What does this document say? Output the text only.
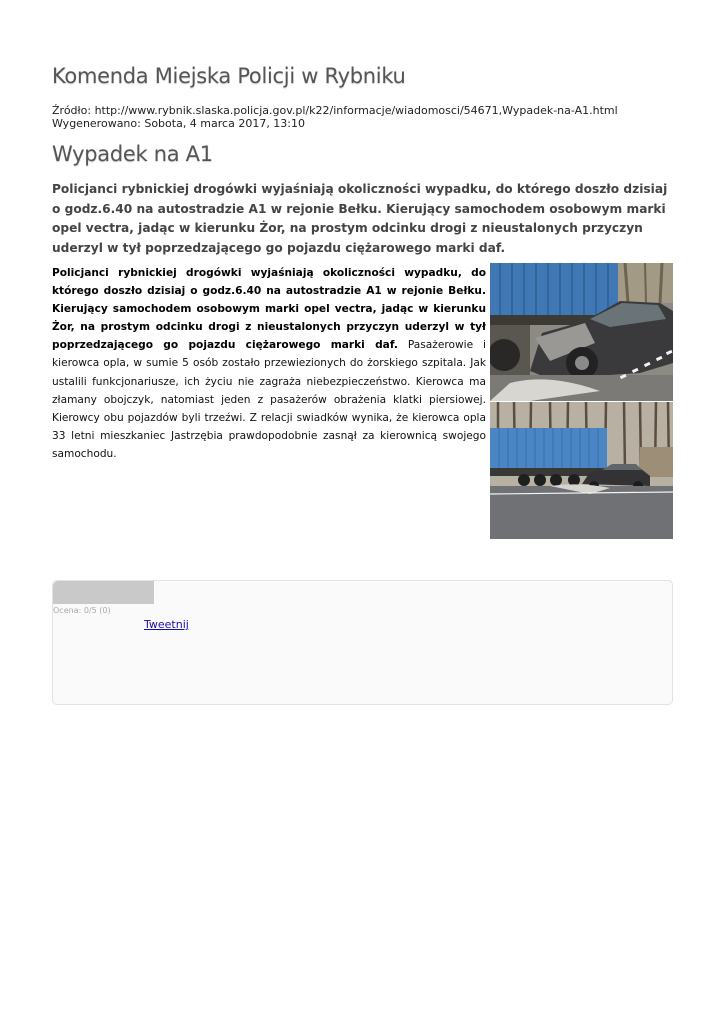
Komenda Miejska Policji w Rybniku
Źródło: http://www.rybnik.slaska.policja.gov.pl/k22/informacje/wiadomosci/54671,Wypadek-na-A1.html
Wygenerowano: Sobota, 4 marca 2017, 13:10
Wypadek na A1

Policjanci rybnickiej drogówki wyjaśniają okoliczności wypadku, do którego doszło dzisiaj o godz.6.40 na autostradzie A1 w rejonie Bełku. Kierujący samochodem osobowym marki opel vectra, jadąc w kierunku Żor, na prostym odcinku drogi z nieustalonych przyczyn uderzyl w tył poprzedzającego go pojazdu ciężarowego marki daf.

Policjanci rybnickiej drogówki wyjaśniają okoliczności wypadku, do którego doszło dzisiaj o godz.6.40 na autostradzie A1 w rejonie Bełku. Kierujący samochodem osobowym marki opel vectra, jadąc w kierunku Żor, na prostym odcinku drogi z nieustalonych przyczyn uderzyl w tył poprzedzającego go pojazdu ciężarowego marki daf. Pasażerowie i kierowca opla, w sumie 5 osób zostało przewiezionych do żorskiego szpitala. Jak ustalili funkcjonariusze, ich życiu nie zagraża niebezpieczeństwo. Kierowca ma złamany obojczyk, natomiast jeden z pasażerów obrażenia klatki piersiowej. Kierowcy obu pojazdów byli trzeźwi. Z relacji swiadków wynika, że kierowca opla 33 letni mieszkaniec Jastrzębia prawdopodobnie zasnął za kierownicą swojego samochodu.

Ocena: 0/5 (0)
Tweetnij
